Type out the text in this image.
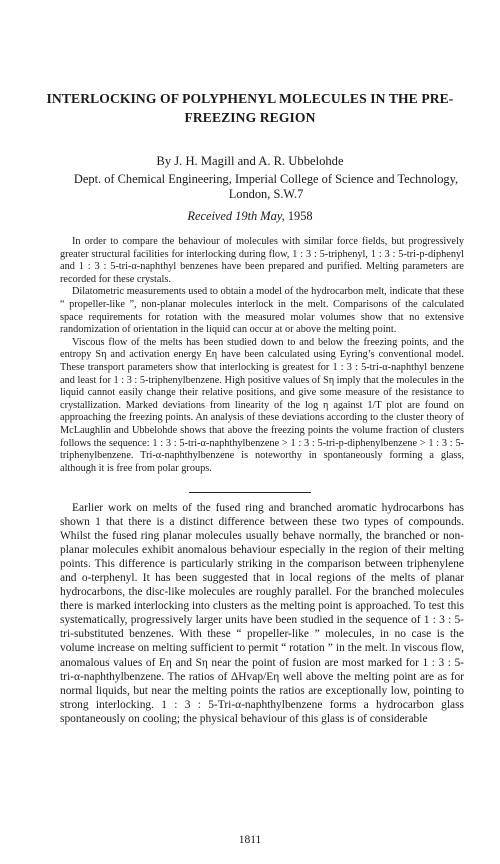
INTERLOCKING OF POLYPHENYL MOLECULES IN THE PRE-FREEZING REGION
By J. H. Magill and A. R. Ubbelohde
Dept. of Chemical Engineering, Imperial College of Science and Technology, London, S.W.7
Received 19th May, 1958

In order to compare the behaviour of molecules with similar force fields, but progressively greater structural facilities for interlocking during flow, 1 : 3 : 5-triphenyl, 1 : 3 : 5-tri-p-diphenyl and 1 : 3 : 5-tri-α-naphthyl benzenes have been prepared and purified. Melting parameters are recorded for these crystals.

Dilatometric measurements used to obtain a model of the hydrocarbon melt, indicate that these “ propeller-like ”, non-planar molecules interlock in the melt. Comparisons of the calculated space requirements for rotation with the measured molar volumes show that no extensive randomization of orientation in the liquid can occur at or above the melting point.

Viscous flow of the melts has been studied down to and below the freezing points, and the entropy Sη and activation energy Eη have been calculated using Eyring’s conventional model. These transport parameters show that interlocking is greatest for 1 : 3 : 5-tri-α-naphthyl benzene and least for 1 : 3 : 5-triphenylbenzene. High positive values of Sη imply that the molecules in the liquid cannot easily change their relative positions, and give some measure of the resistance to crystallization. Marked deviations from linearity of the log η against 1/T plot are found on approaching the freezing points. An analysis of these deviations according to the cluster theory of McLaughlin and Ubbelohde shows that above the freezing points the volume fraction of clusters follows the sequence: 1 : 3 : 5-tri-α-naphthylbenzene > 1 : 3 : 5-tri-p-diphenylbenzene > 1 : 3 : 5-triphenylbenzene. Tri-α-naphthylbenzene is noteworthy in spontaneously forming a glass, although it is free from polar groups.

Earlier work on melts of the fused ring and branched aromatic hydrocarbons has shown 1 that there is a distinct difference between these two types of compounds. Whilst the fused ring planar molecules usually behave normally, the branched or non-planar molecules exhibit anomalous behaviour especially in the region of their melting points. This difference is particularly striking in the comparison between triphenylene and o-terphenyl. It has been suggested that in local regions of the melts of planar hydrocarbons, the disc-like molecules are roughly parallel. For the branched molecules there is marked interlocking into clusters as the melting point is approached. To test this systematically, progressively larger units have been studied in the sequence of 1 : 3 : 5-tri-substituted benzenes. With these “ propeller-like ” molecules, in no case is the volume increase on melting sufficient to permit “ rotation ” in the melt. In viscous flow, anomalous values of Eη and Sη near the point of fusion are most marked for 1 : 3 : 5-tri-α-naphthylbenzene. The ratios of ΔHvap/Eη well above the melting point are as for normal liquids, but near the melting points the ratios are exceptionally low, pointing to strong interlocking. 1 : 3 : 5-Tri-α-naphthylbenzene forms a hydrocarbon glass spontaneously on cooling; the physical behaviour of this glass is of considerable

1811
